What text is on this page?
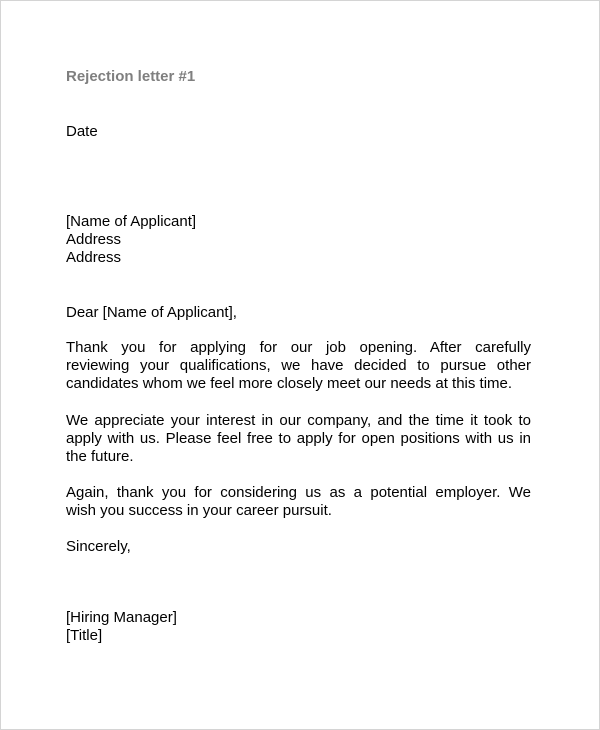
Rejection letter #1

Date

[Name of Applicant]

Address

Address

Dear [Name of Applicant],

Thank you for applying for our job opening. After carefully
reviewing your qualifications, we have decided to pursue other
candidates whom we feel more closely meet our needs at this time.
We appreciate your interest in our company, and the time it took to
apply with us. Please feel free to apply for open positions with us in
the future.
Again, thank you for considering us as a potential employer. We
wish you success in your career pursuit.

Sincerely,

[Hiring Manager]

[Title]
